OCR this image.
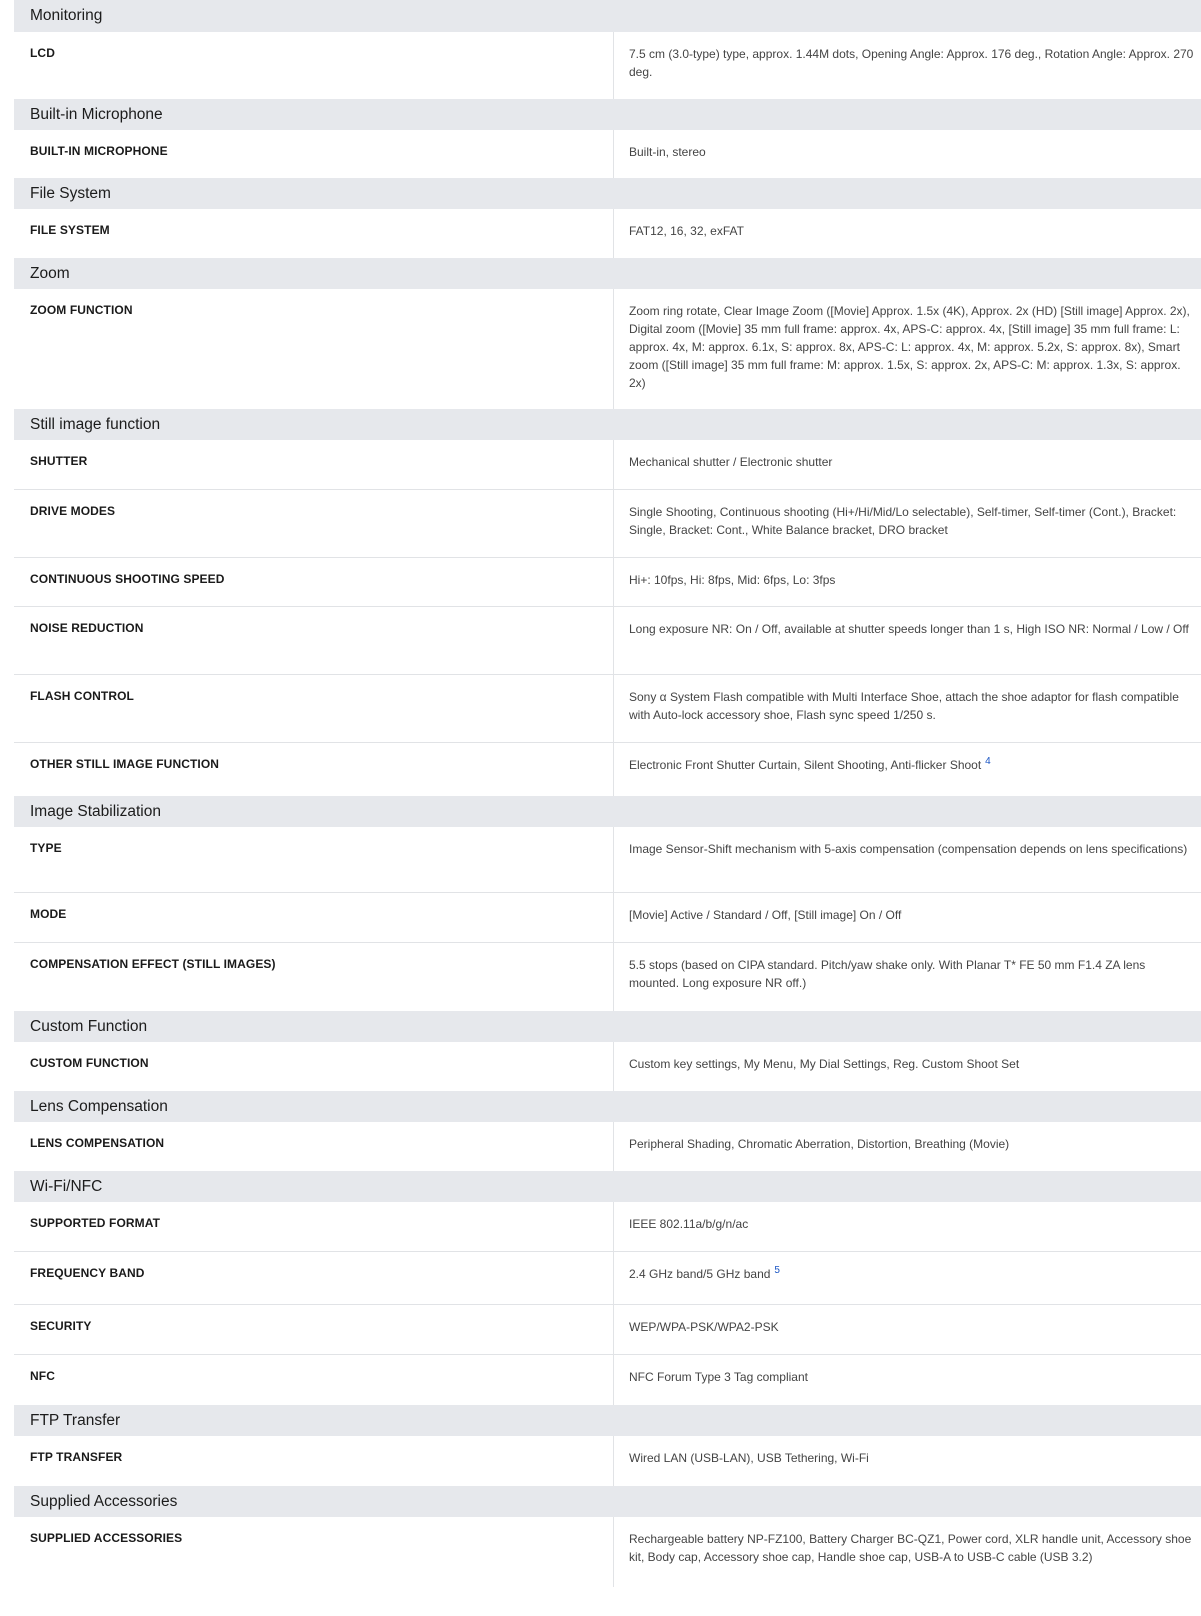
Monitoring
LCD	7.5 cm (3.0-type) type, approx. 1.44M dots, Opening Angle: Approx. 176 deg., Rotation Angle: Approx. 270 deg.
Built-in Microphone
BUILT-IN MICROPHONE	Built-in, stereo
File System
FILE SYSTEM	FAT12, 16, 32, exFAT
Zoom
ZOOM FUNCTION	Zoom ring rotate, Clear Image Zoom ([Movie] Approx. 1.5x (4K), Approx. 2x (HD) [Still image] Approx. 2x), Digital zoom ([Movie] 35 mm full frame: approx. 4x, APS-C: approx. 4x, [Still image] 35 mm full frame: L: approx. 4x, M: approx. 6.1x, S: approx. 8x, APS-C: L: approx. 4x, M: approx. 5.2x, S: approx. 8x), Smart zoom ([Still image] 35 mm full frame: M: approx. 1.5x, S: approx. 2x, APS-C: M: approx. 1.3x, S: approx. 2x)
Still image function
SHUTTER	Mechanical shutter / Electronic shutter
DRIVE MODES	Single Shooting, Continuous shooting (Hi+/Hi/Mid/Lo selectable), Self-timer, Self-timer (Cont.), Bracket: Single, Bracket: Cont., White Balance bracket, DRO bracket
CONTINUOUS SHOOTING SPEED	Hi+: 10fps, Hi: 8fps, Mid: 6fps, Lo: 3fps
NOISE REDUCTION	Long exposure NR: On / Off, available at shutter speeds longer than 1 s, High ISO NR: Normal / Low / Off
FLASH CONTROL	Sony α System Flash compatible with Multi Interface Shoe, attach the shoe adaptor for flash compatible with Auto-lock accessory shoe, Flash sync speed 1/250 s.
OTHER STILL IMAGE FUNCTION	Electronic Front Shutter Curtain, Silent Shooting, Anti-flicker Shoot $^4$
Image Stabilization
TYPE	Image Sensor-Shift mechanism with 5-axis compensation (compensation depends on lens specifications)
MODE	[Movie] Active / Standard / Off, [Still image] On / Off
COMPENSATION EFFECT (STILL IMAGES)	5.5 stops (based on CIPA standard. Pitch/yaw shake only. With Planar T* FE 50 mm F1.4 ZA lens mounted. Long exposure NR off.)
Custom Function
CUSTOM FUNCTION	Custom key settings, My Menu, My Dial Settings, Reg. Custom Shoot Set
Lens Compensation
LENS COMPENSATION	Peripheral Shading, Chromatic Aberration, Distortion, Breathing (Movie)
Wi-Fi/NFC
SUPPORTED FORMAT	IEEE 802.11a/b/g/n/ac
FREQUENCY BAND	2.4 GHz band/5 GHz band $^5$
SECURITY	WEP/WPA-PSK/WPA2-PSK
NFC	NFC Forum Type 3 Tag compliant
FTP Transfer
FTP TRANSFER	Wired LAN (USB-LAN), USB Tethering, Wi-Fi
Supplied Accessories
SUPPLIED ACCESSORIES	Rechargeable battery NP-FZ100, Battery Charger BC-QZ1, Power cord, XLR handle unit, Accessory shoe kit, Body cap, Accessory shoe cap, Handle shoe cap, USB-A to USB-C cable (USB 3.2)
